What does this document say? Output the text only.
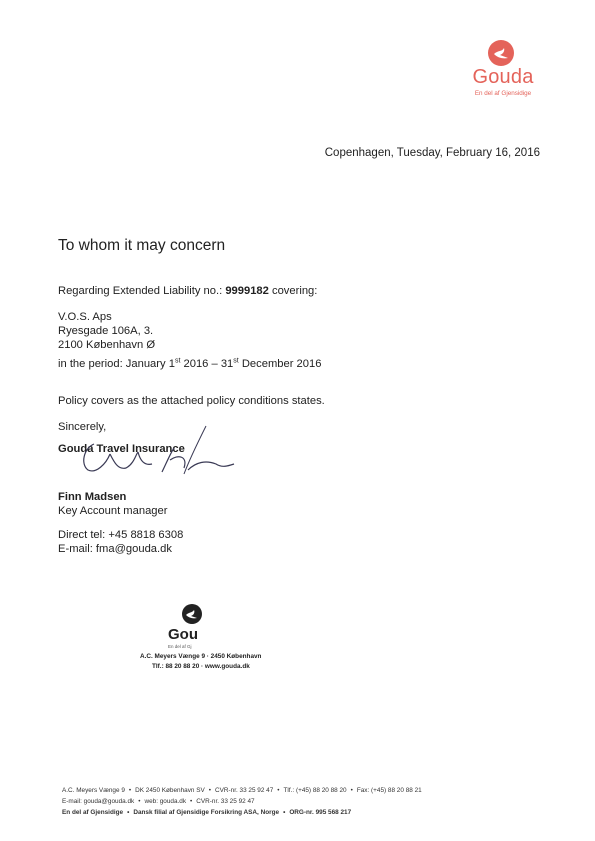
Gouda
En del af Gjensidige
Copenhagen, Tuesday, February 16, 2016
To whom it may concern
Regarding Extended Liability no.: 9999182 covering:
V.O.S. Aps
Ryesgade 106A, 3.
2100 København Ø
in the period: January 1st 2016 – 31st December 2016
Policy covers as the attached policy conditions states.
Sincerely,
Gouda Travel Insurance
Finn Madsen
Key Account manager
Direct tel: +45 8818 6308
E-mail: fma@gouda.dk
Gou
En del af Gj
A.C. Meyers Vænge 9 · 2450 København
Tlf.: 88 20 88 20 · www.gouda.dk
A.C. Meyers Vænge 9 • DK 2450 København SV • CVR-nr. 33 25 92 47 • Tlf.: (+45) 88 20 88 20 • Fax: (+45) 88 20 88 21
E-mail: gouda@gouda.dk • web: gouda.dk • CVR-nr. 33 25 92 47
En del af Gjensidige • Dansk filial af Gjensidige Forsikring ASA, Norge • ORG-nr. 995 568 217
